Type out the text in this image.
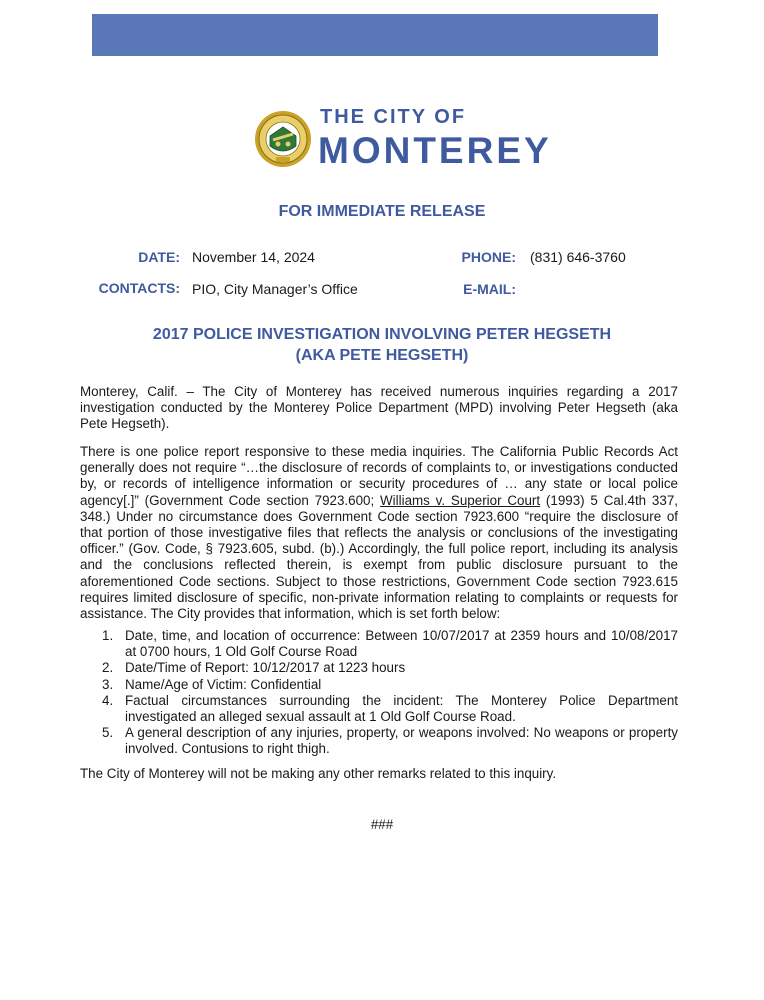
THE CITY OF
MONTEREY
FOR IMMEDIATE RELEASE
DATE: November 14, 2024	PHONE: (831) 646-3760
CONTACTS: PIO, City Manager’s Office	E-MAIL:
2017 POLICE INVESTIGATION INVOLVING PETER HEGSETH
(AKA PETE HEGSETH)

Monterey, Calif. – The City of Monterey has received numerous inquiries regarding a 2017 investigation conducted by the Monterey Police Department (MPD) involving Peter Hegseth (aka Pete Hegseth).

There is one police report responsive to these media inquiries. The California Public Records Act generally does not require “…the disclosure of records of complaints to, or investigations conducted by, or records of intelligence information or security procedures of … any state or local police agency[.]” (Government Code section 7923.600; Williams v. Superior Court (1993) 5 Cal.4th 337, 348.) Under no circumstance does Government Code section 7923.600 “require the disclosure of that portion of those investigative files that reflects the analysis or conclusions of the investigating officer.” (Gov. Code, § 7923.605, subd. (b).) Accordingly, the full police report, including its analysis and the conclusions reflected therein, is exempt from public disclosure pursuant to the aforementioned Code sections. Subject to those restrictions, Government Code section 7923.615 requires limited disclosure of specific, non-private information relating to complaints or requests for assistance. The City provides that information, which is set forth below:

1. Date, time, and location of occurrence: Between 10/07/2017 at 2359 hours and 10/08/2017 at 0700 hours, 1 Old Golf Course Road
2. Date/Time of Report: 10/12/2017 at 1223 hours
3. Name/Age of Victim: Confidential
4. Factual circumstances surrounding the incident: The Monterey Police Department investigated an alleged sexual assault at 1 Old Golf Course Road.
5. A general description of any injuries, property, or weapons involved: No weapons or property involved. Contusions to right thigh.
The City of Monterey will not be making any other remarks related to this inquiry.
###
